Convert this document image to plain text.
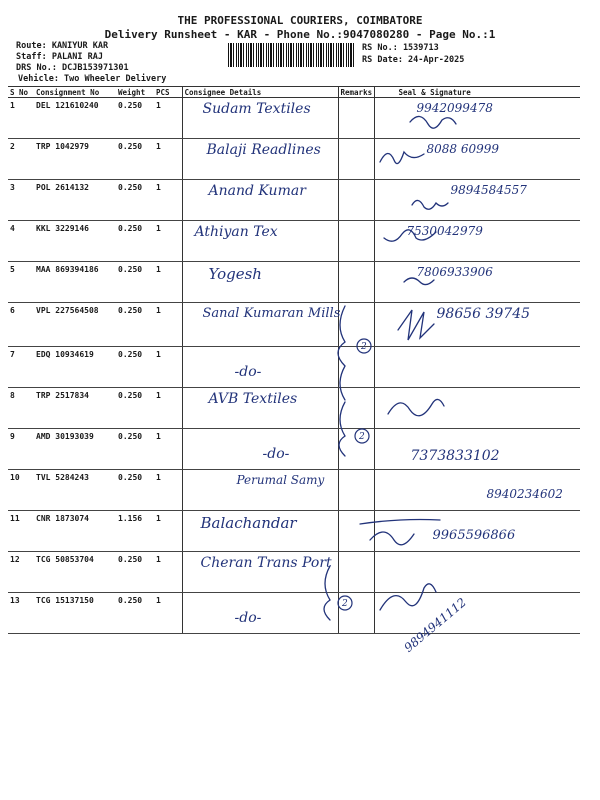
THE PROFESSIONAL COURIERS, COIMBATORE
Delivery Runsheet - KAR - Phone No.:9047080280 - Page No.:1
Route: KANIYUR KAR
Staff: PALANI RAJ
DRS No.: DCJB153971301
Vehicle: Two Wheeler Delivery
RS No.: 1539713
RS Date: 24-Apr-2025
S No	Consignment No	Weight	PCS	Consignee Details	Remarks	Seal & Signature
1	DEL 121610240	0.250	1	Sudam Textiles		9942099478
2	TRP 1042979	0.250	1	Balaji Readlines		8088 60999
3	POL 2614132	0.250	1	Anand Kumar		9894584557
4	KKL 3229146	0.250	1	Athiyan Tex		7530042979
5	MAA 869394186	0.250	1	Yogesh		7806933906
6	VPL 227564508	0.250	1	Sanal Kumaran Mills		98656 39745
7	EDQ 10934619	0.250	1	-do-		
8	TRP 2517834	0.250	1	AVB Textiles		
9	AMD 30193039	0.250	1	-do-		7373833102
10	TVL 5284243	0.250	1	Perumal Samy		8940234602
11	CNR 1873074	1.156	1	Balachandar		9965596866
12	TCG 50853704	0.250	1	Cheran Trans Port		
13	TCG 15137150	0.250	1	-do-		9894941112
2
2
2
